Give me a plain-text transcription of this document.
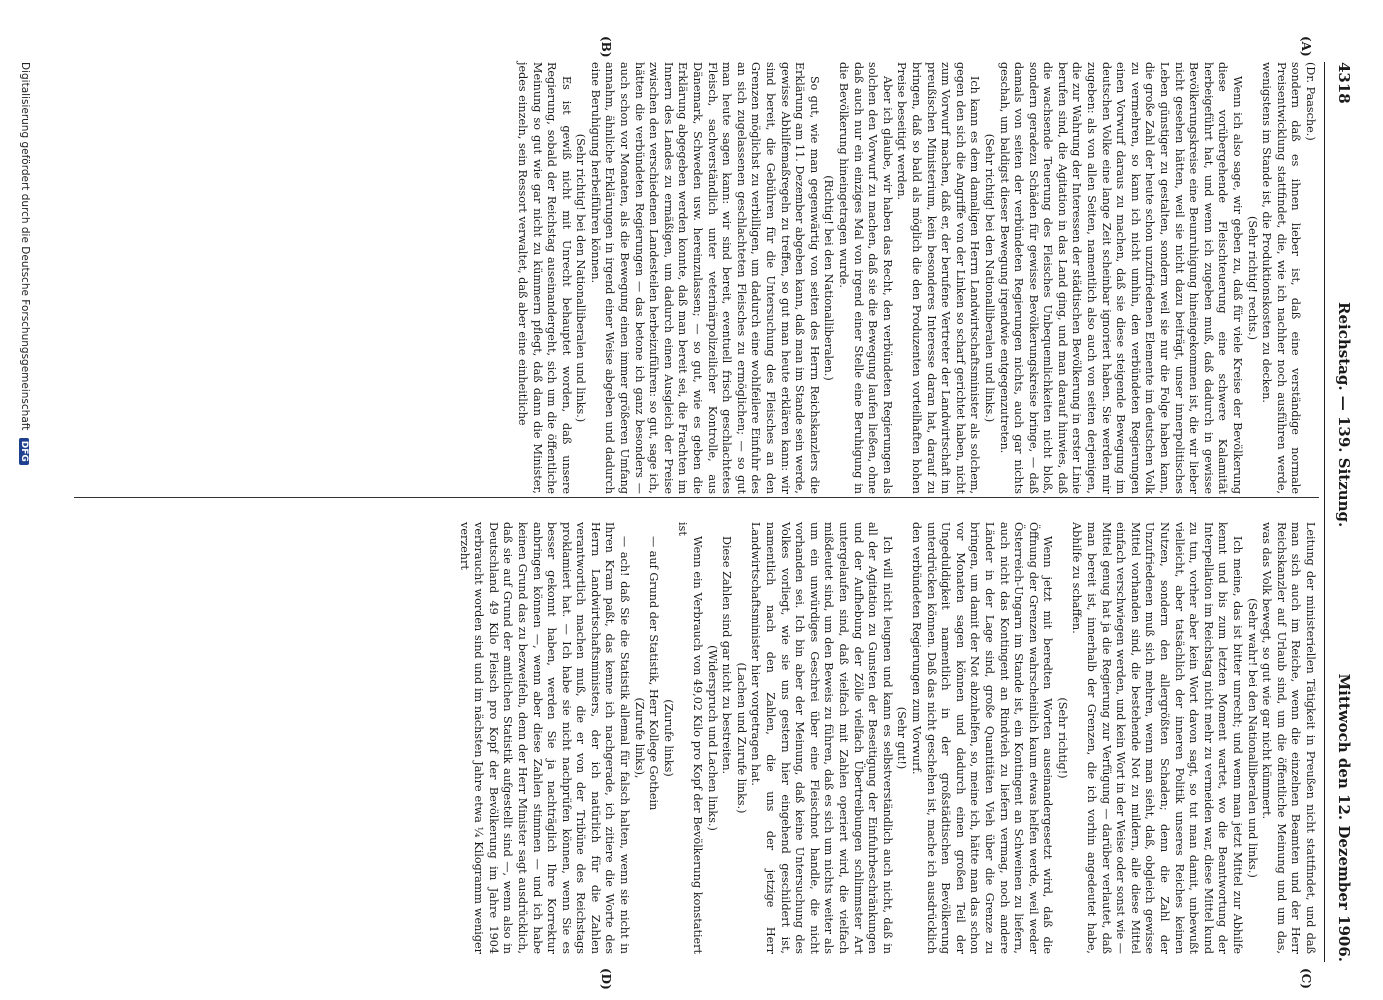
4318
Reichstag. — 139. Sitzung.
Mittwoch den 12. Dezember 1906.
(A)
(B)
(C)
(D)

(Dr. Paasche.)

sondern daß es ihnen lieber ist, daß eine verständige normale Preisentwicklung stattfindet, die, wie ich nachher noch ausführen werde, wenigstens im Stande ist, die Produktionskosten zu decken.

(Sehr richtig! rechts.)

Wenn ich also sage, wir geben zu, daß für viele Kreise der Bevölkerung diese vorübergehende Fleischteuerung eine schwere Kalamität herbeigeführt hat, und wenn ich zugeben muß, daß dadurch in gewisse Bevölkerungskreise eine Beunruhigung hineingekommen ist, die wir lieber nicht gesehen hätten, weil sie nicht dazu beiträgt, unser innerpolitisches Leben günstiger zu gestalten, sondern weil sie nur die Folge haben kann, die große Zahl der heute schon unzufriedenen Elemente im deutschen Volk zu vermehren, so kann ich nicht umhin, den verbündeten Regierungen einen Vorwurf daraus zu machen, daß sie diese steigende Bewegung im deutschen Volke eine lange Zeit scheinbar ignoriert haben. Sie werden mir zugeben: als von allen Seiten, namentlich also auch von seiten derjenigen, die zur Wahrung der Interessen der städtischen Bevölkerung in erster Linie berufen sind, die Agitation in das Land ging, und man darauf hinwies, daß die wachsende Teuerung des Fleisches Unbequemlichkeiten nicht bloß, sondern geradezu Schäden für gewisse Bevölkerungskreise bringe, — daß damals von seiten der verbündeten Regierungen nichts, auch gar nichts geschah, um baldigst dieser Bewegung irgendwie entgegenzutreten.

(Sehr richtig! bei den Nationalliberalen und links.)

Ich kann es dem damaligen Herrn Landwirtschaftsminister als solchem, gegen den sich die Angriffe von der Linken so scharf gerichtet haben, nicht zum Vorwurf machen, daß er, der berufene Vertreter der Landwirtschaft im preußischen Ministerium, kein besonderes Interesse daran hat, darauf zu bringen, daß so bald als möglich die den Produzenten vorteilhaften hohen Preise beseitigt werden.

Aber ich glaube, wir haben das Recht, den verbündeten Regierungen als solchen den Vorwurf zu machen, daß sie die Bewegung laufen ließen, ohne daß auch nur ein einziges Mal von irgend einer Stelle eine Beruhigung in die Bevölkerung hineingetragen wurde.

(Richtig! bei den Nationalliberalen.)

So gut, wie man gegenwärtig von seiten des Herrn Reichskanzlers die Erklärung am 11. Dezember abgeben kann, daß man im Stande sein werde, gewisse Abhilfemaßregeln zu treffen, so gut man heute erklären kann: wir sind bereit, die Gebühren für die Untersuchung des Fleisches an den Grenzen möglichst zu verbilligen, um dadurch eine wohlfeilere Einfuhr des an sich zugelassenen geschlachteten Fleisches zu ermöglichen; — so gut man heute sagen kann: wir sind bereit, eventuell frisch geschlachtetes Fleisch, sachverständlich unter veterinärpolizeilicher Kontrolle, aus Dänemark, Schweden usw. hereinzulassen; — so gut, wie es geben die Erklärung abgegeben werden konnte, daß man bereit sei, die Frachten im Innern des Landes zu ermäßigen, um dadurch einen Ausgleich der Preise zwischen den verschiedenen Landesteilen herbeizuführen: so gut, sage ich, hätten die verbündeten Regierungen — das betone ich ganz besonders — auch schon vor Monaten, als die Bewegung einen immer größeren Umfang annahm, ähnliche Erklärungen in irgend einer Weise abgeben und dadurch eine Beruhigung herbeiführen können.

(Sehr richtig! bei den Nationalliberalen und links.)

Es ist gewiß nicht mit Unrecht behauptet worden, daß unsere Regierung, sobald der Reichstag auseinandergeht, sich um die öffentliche Meinung so gut wie gar nicht zu kümmern pflegt, daß dann die Minister, jedes einzeln, sein Ressort verwaltet, daß aber eine einheitliche

Leitung der ministeriellen Tätigkeit in Preußen nicht stattfindet, und daß man sich auch im Reiche, wenn die einzelnen Beamten und der Herr Reichskanzler auf Urlaub sind, um die öffentliche Meinung und um das, was das Volk bewegt, so gut wie gar nicht kümmert.

(Sehr wahr! bei den Nationalliberalen und links.)

Ich meine, das ist bitter unrecht; und wenn man jetzt Mittel zur Abhilfe kennt und bis zum letzten Moment wartet, wo die Beantwortung der Interpellation im Reichstag nicht mehr zu vermeiden war, diese Mittel kund zu tun, vorher aber kein Wort davon sagt, so tut man damit, unbewußt vielleicht, aber tatsächlich der inneren Politik unseres Reiches keinen Nutzen, sondern den allergrößten Schaden; denn die Zahl der Unzufriedenen muß sich mehren, wenn man sieht, daß, obgleich gewisse Mittel vorhanden sind, die bestehende Not zu mildern, alle diese Mittel einfach verschwiegen werden, und kein Wort in der Weise oder sonst wie — Mittel genug hat ja die Regierung zur Verfügung — darüber verlautet, daß man bereit ist, innerhalb der Grenzen, die ich vorhin angedeutet habe, Abhilfe zu schaffen.

(Sehr richtig!)

Wenn jetzt mit beredten Worten auseinandergesetzt wird, daß die Öffnung der Grenzen wahrscheinlich kaum etwas helfen werde, weil weder Österreich-Ungarn im Stande ist, ein Kontingent an Schweinen zu liefern, auch nicht das Kontingent an Rindvieh zu liefern vermag, noch andere Länder in der Lage sind, große Quantitäten Vieh über die Grenze zu bringen, um damit der Not abzuhelfen, so, meine ich, hätte man das schon vor Monaten sagen können und dadurch einen großen Teil der Ungeduldigkeit namentlich in der großstädtischen Bevölkerung unterdrücken können. Daß das nicht geschehen ist, mache ich ausdrücklich den verbündeten Regierungen zum Vorwurf.

(Sehr gut!)

Ich will nicht leugnen und kann es selbstverständlich auch nicht, daß in all der Agitation zu Gunsten der Beseitigung der Einfuhrbeschränkungen und der Aufhebung der Zölle vielfach Übertreibungen schlimmster Art untergelaufen sind, daß vielfach mit Zahlen operiert wird, die vielfach mißdeutet sind, um den Beweis zu führen, daß es sich um nichts weiter als um ein unwürdiges Geschrei über eine Fleischnot handle, die nicht vorhanden sei. Ich bin aber der Meinung, daß keine Untersuchung des Volkes vorliegt, wie sie uns gestern hier eingehend geschildert ist, namentlich nach den Zahlen, die uns der jetzige Herr Landwirtschaftsminister hier vorgetragen hat.

(Lachen und Zurufe links.)

Diese Zahlen sind gar nicht zu bestreiten.

(Widerspruch und Lachen links.)

Wenn ein Verbrauch von 49,02 Kilo pro Kopf der Bevölkerung konstatiert ist

(Zurufe links)

— auf Grund der Statistik, Herr Kollege Gothein

(Zurufe links),

— ach! daß Sie die Statistik allemal für falsch halten, wenn sie nicht in Ihren Kram paßt, das kenne ich nachgerade, ich zitiere die Worte des Herrn Landwirtschaftsministers, der ich natürlich für die Zahlen verantwortlich machen muß, die er von der Tribüne des Reichstags proklamiert hat. — Ich habe sie nicht nachprüfen können, wenn Sie es besser gekonnt haben, werden Sie ja nachträglich Ihre Korrektur anbringen können —, wenn aber diese Zahlen stimmen — und ich habe keinen Grund das zu bezweifeln, denn der Herr Minister sagt ausdrücklich, daß sie auf Grund der amtlichen Statistik aufgestellt sind —, wenn also in Deutschland 49 Kilo Fleisch pro Kopf der Bevölkerung im Jahre 1904 verbraucht worden sind und im nächsten Jahre etwa ¼ Kilogramm weniger verzehrt

Digitalisierung gefördert durch die Deutsche Forschungsgemeinschaft DFG
